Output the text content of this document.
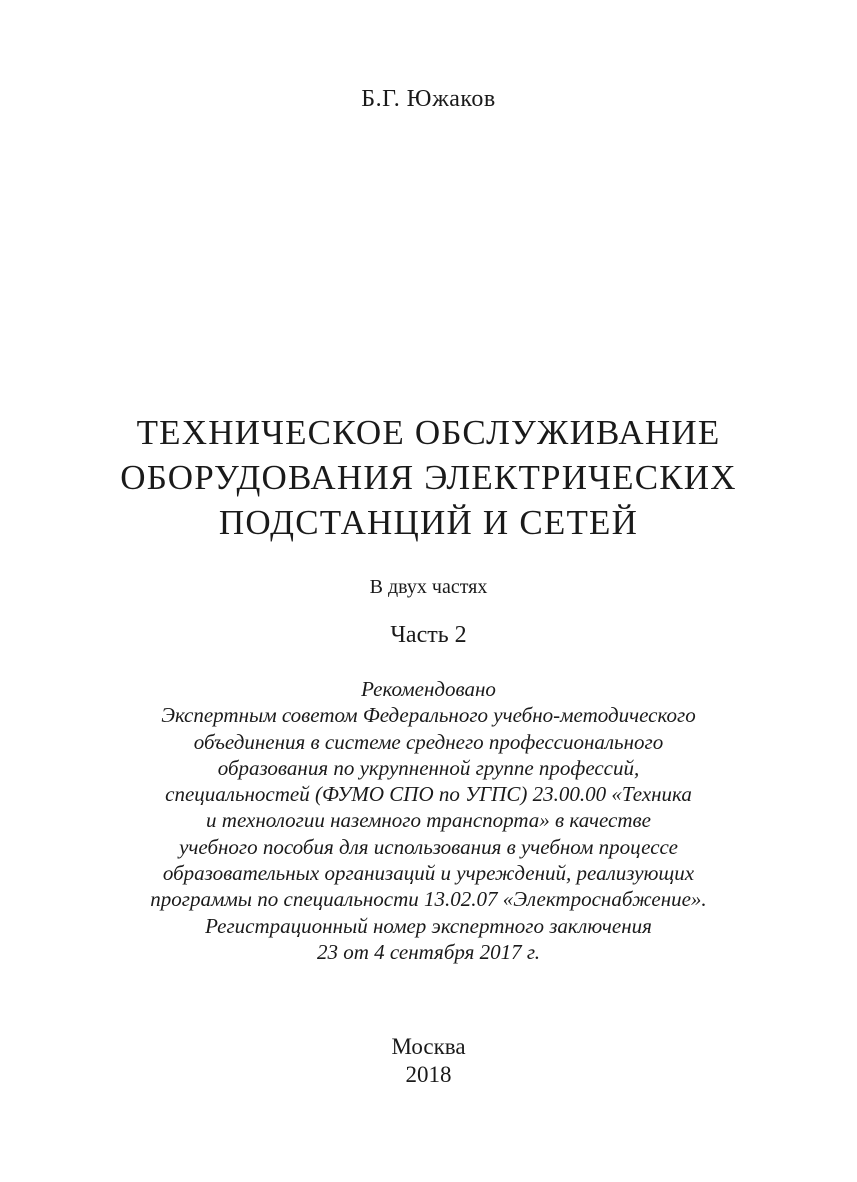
Б.Г. Южаков
ТЕХНИЧЕСКОЕ ОБСЛУЖИВАНИЕ
ОБОРУДОВАНИЯ ЭЛЕКТРИЧЕСКИХ
ПОДСТАНЦИЙ И СЕТЕЙ
В двух частях
Часть 2
Рекомендовано
Экспертным советом Федерального учебно-методического
объединения в системе среднего профессионального
образования по укрупненной группе профессий,
специальностей (ФУМО СПО по УГПС) 23.00.00 «Техника
и технологии наземного транспорта» в качестве
учебного пособия для использования в учебном процессе
образовательных организаций и учреждений, реализующих
программы по специальности 13.02.07 «Электроснабжение».
Регистрационный номер экспертного заключения
23 от 4 сентября 2017 г.
Москва
2018
